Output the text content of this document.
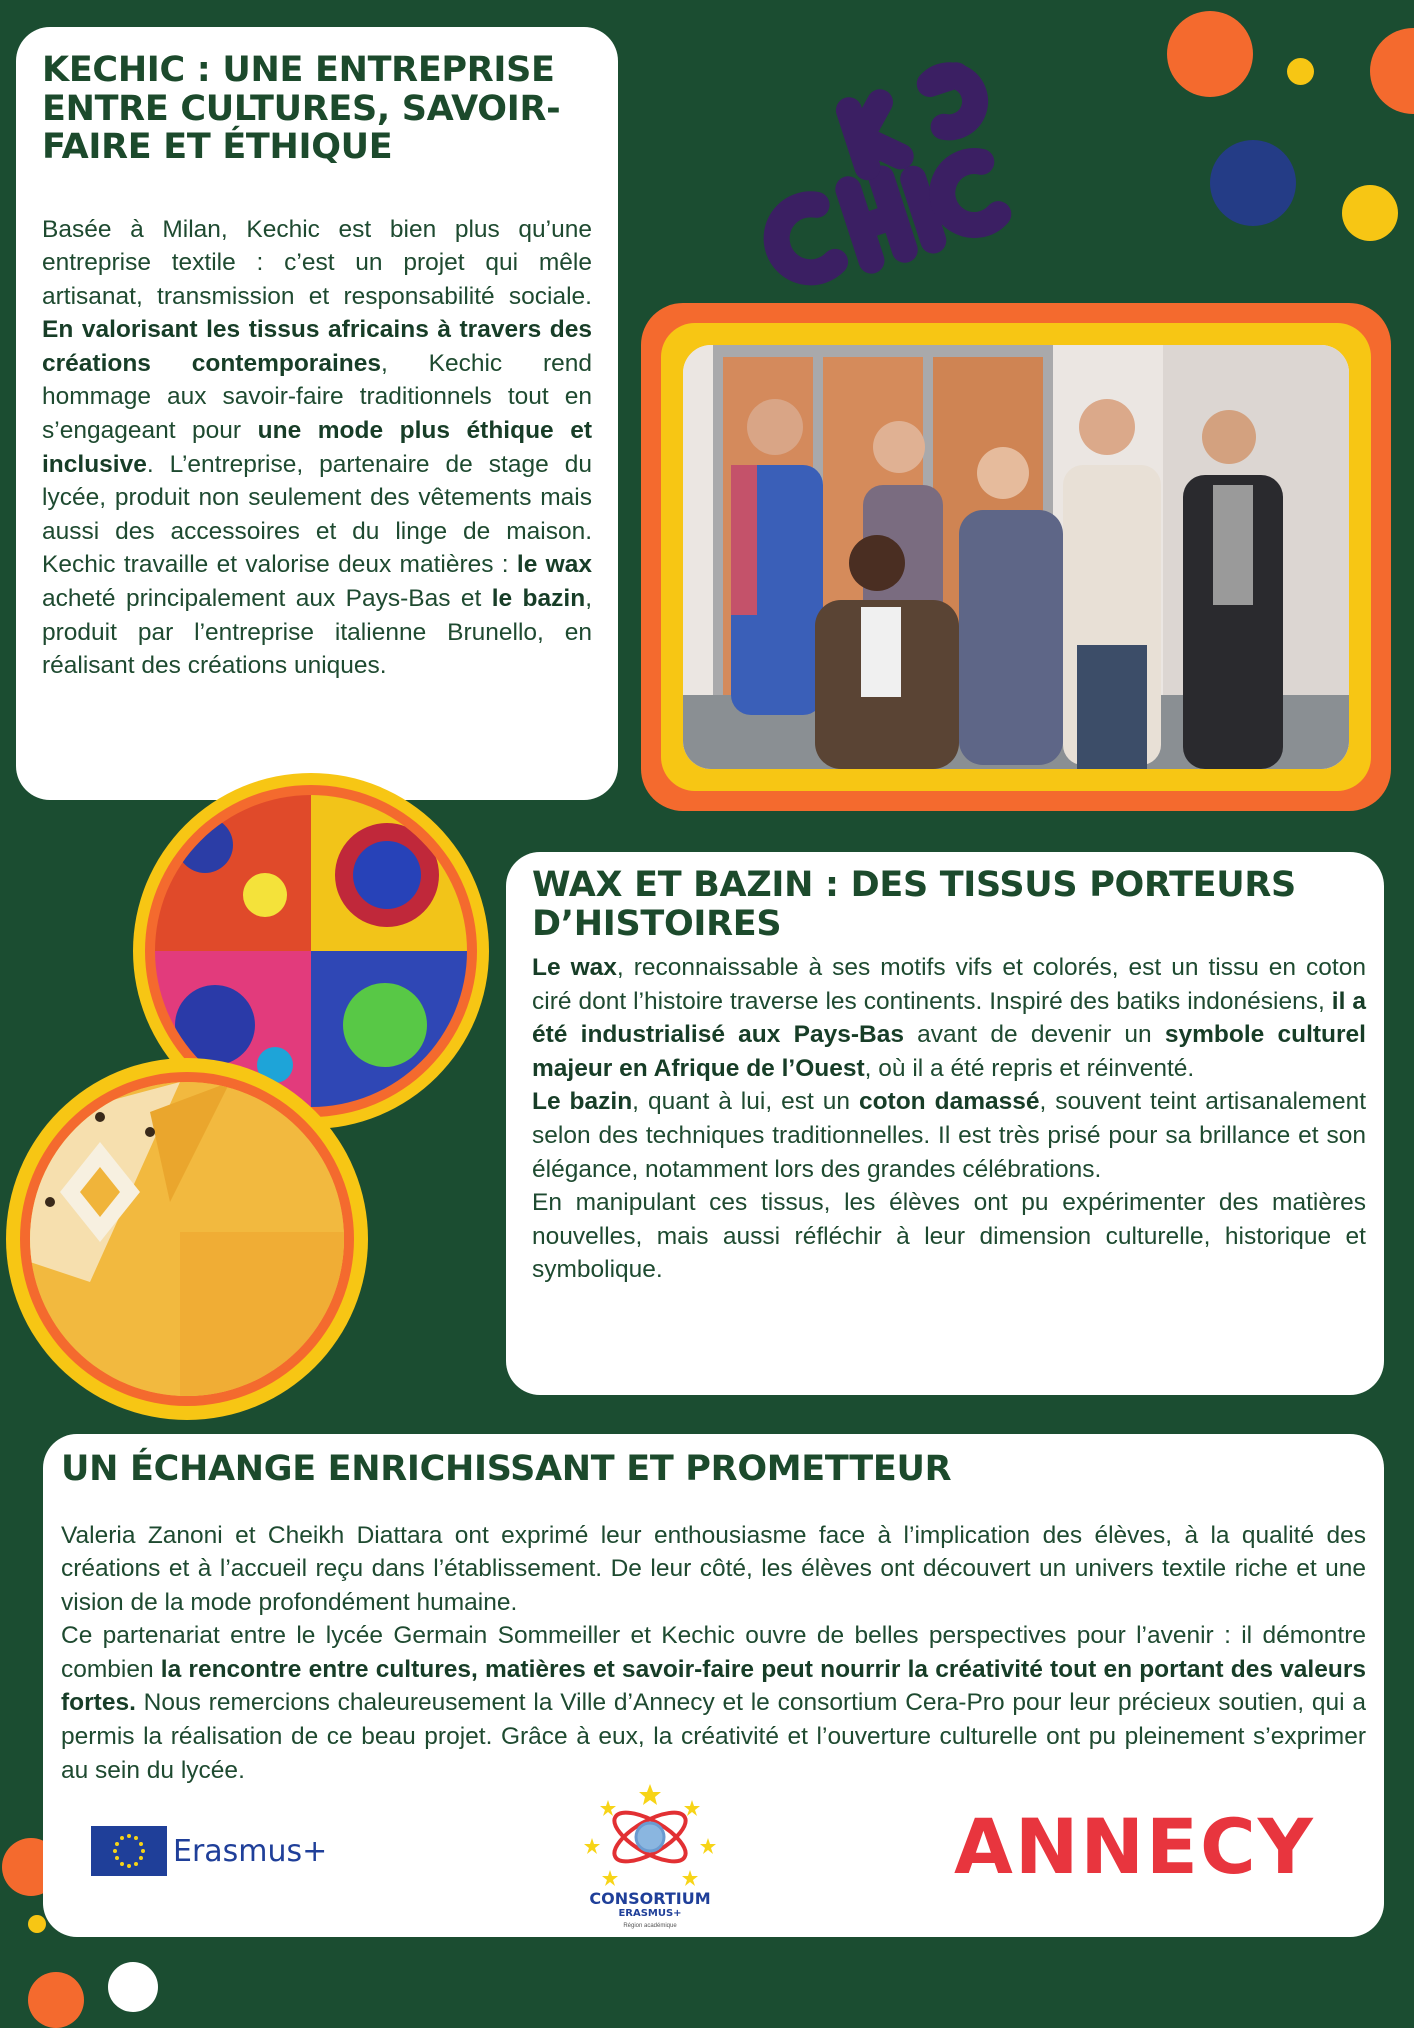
KECHIC : UNE ENTREPRISE ENTRE CULTURES, SAVOIR-FAIRE ET ÉTHIQUE

Basée à Milan, Kechic est bien plus qu’une entreprise textile : c’est un projet qui mêle artisanat, transmission et responsabilité sociale. En valorisant les tissus africains à travers des créations contemporaines, Kechic rend hommage aux savoir-faire traditionnels tout en s’engageant pour une mode plus éthique et inclusive. L’entreprise, partenaire de stage du lycée, produit non seulement des vêtements mais aussi des accessoires et du linge de maison. Kechic travaille et valorise deux matières : le wax acheté principalement aux Pays-Bas et le bazin, produit par l’entreprise italienne Brunello, en réalisant des créations uniques.

WAX ET BAZIN : DES TISSUS PORTEURS D’HISTOIRES

Le wax, reconnaissable à ses motifs vifs et colorés, est un tissu en coton ciré dont l’histoire traverse les continents. Inspiré des batiks indonésiens, il a été industrialisé aux Pays-Bas avant de devenir un symbole culturel majeur en Afrique de l’Ouest, où il a été repris et réinventé.

Le bazin, quant à lui, est un coton damassé, souvent teint artisanalement selon des techniques traditionnelles. Il est très prisé pour sa brillance et son élégance, notamment lors des grandes célébrations.

En manipulant ces tissus, les élèves ont pu expérimenter des matières nouvelles, mais aussi réfléchir à leur dimension culturelle, historique et symbolique.

UN ÉCHANGE ENRICHISSANT ET PROMETTEUR

Valeria Zanoni et Cheikh Diattara ont exprimé leur enthousiasme face à l’implication des élèves, à la qualité des créations et à l’accueil reçu dans l’établissement. De leur côté, les élèves ont découvert un univers textile riche et une vision de la mode profondément humaine.

Ce partenariat entre le lycée Germain Sommeiller et Kechic ouvre de belles perspectives pour l’avenir : il démontre combien la rencontre entre cultures, matières et savoir-faire peut nourrir la créativité tout en portant des valeurs fortes. Nous remercions chaleureusement la Ville d’Annecy et le consortium Cera-Pro pour leur précieux soutien, qui a permis la réalisation de ce beau projet. Grâce à eux, la créativité et l’ouverture culturelle ont pu pleinement s’exprimer au sein du lycée.

Erasmus+
CONSORTIUM
ERASMUS+
Région académique
ANNECY
